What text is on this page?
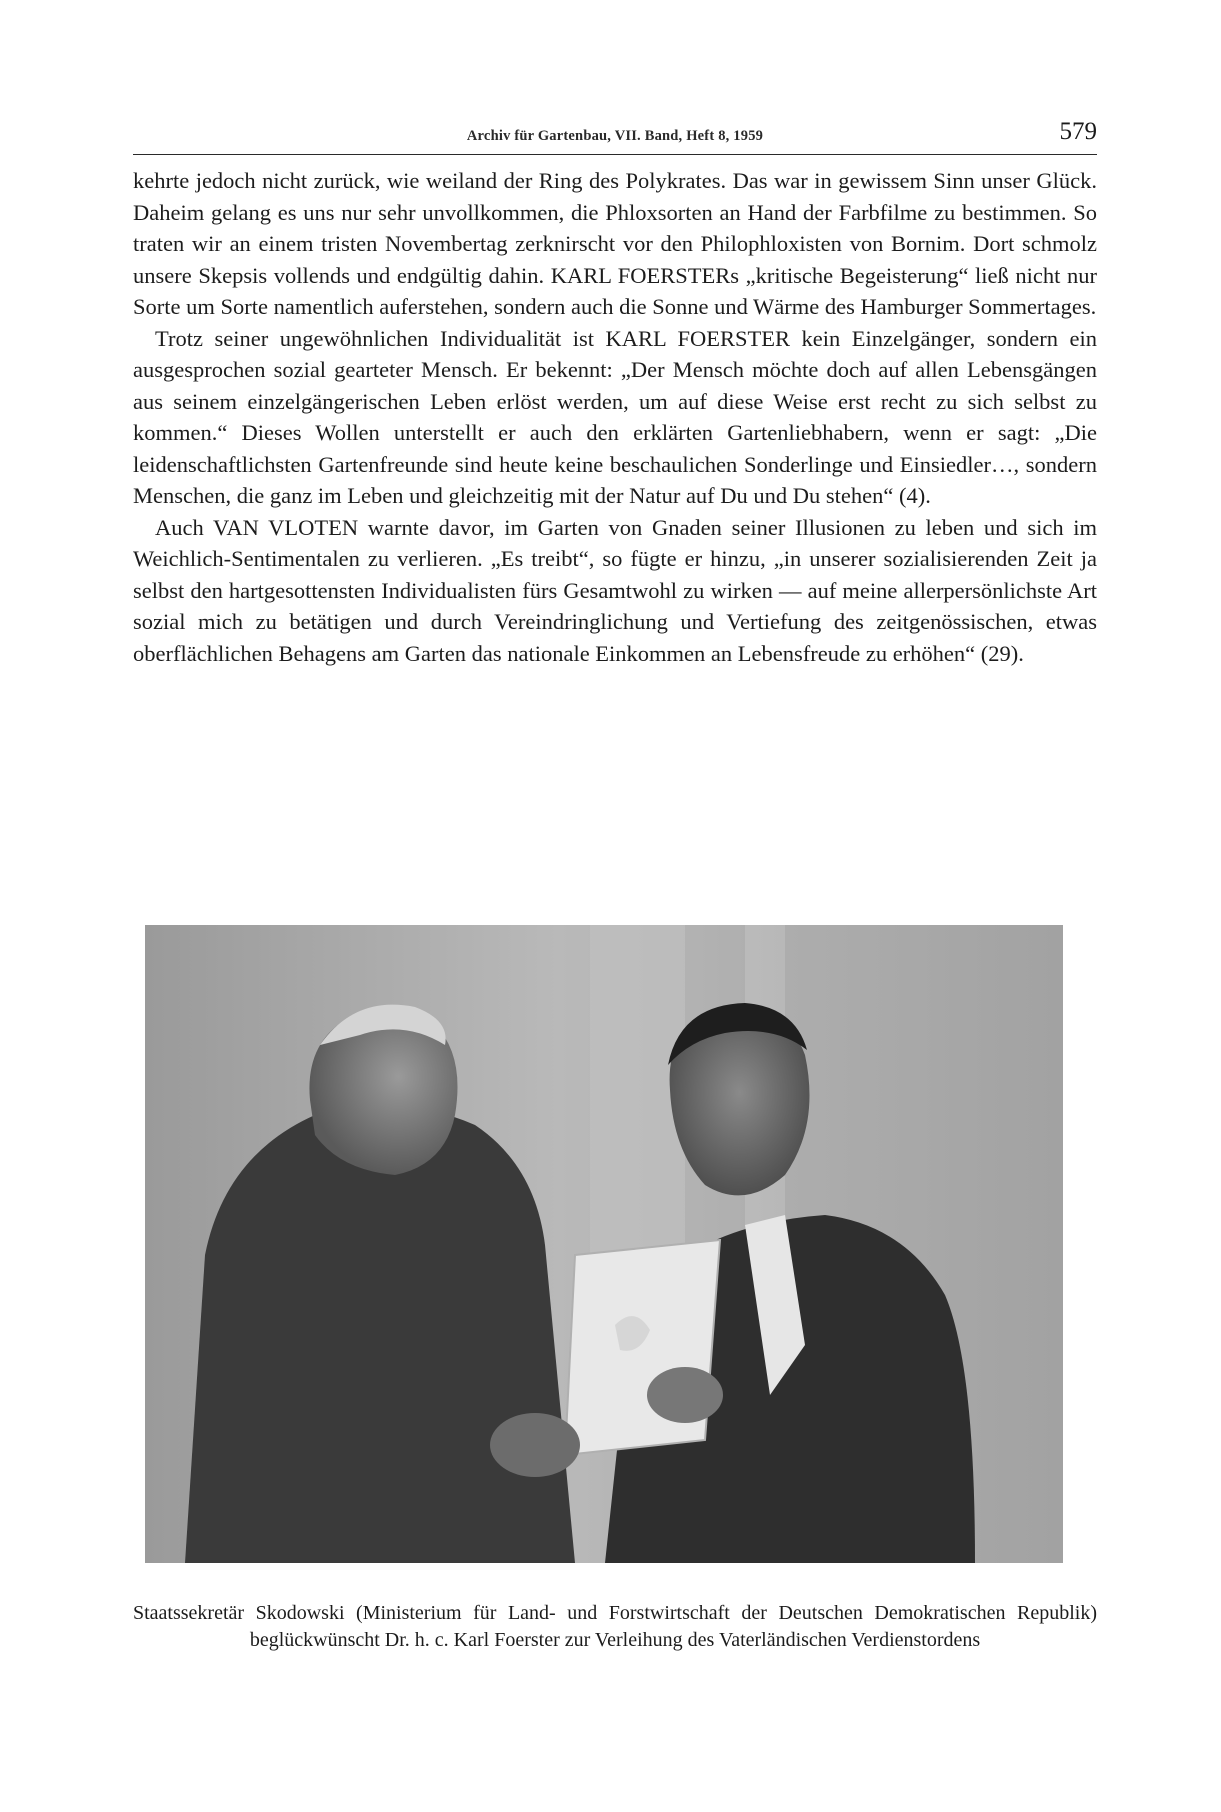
Archiv für Gartenbau, VII. Band, Heft 8, 1959	579

kehrte jedoch nicht zurück, wie weiland der Ring des Polykrates. Das war in gewissem Sinn unser Glück. Daheim gelang es uns nur sehr unvollkommen, die Phloxsorten an Hand der Farbfilme zu bestimmen. So traten wir an einem tristen Novembertag zerknirscht vor den Philophloxisten von Bornim. Dort schmolz unsere Skepsis vollends und endgültig dahin. KARL FOERSTERs „kritische Begeisterung“ ließ nicht nur Sorte um Sorte namentlich auferstehen, sondern auch die Sonne und Wärme des Hamburger Sommertages.

Trotz seiner ungewöhnlichen Individualität ist KARL FOERSTER kein Einzelgänger, sondern ein ausgesprochen sozial gearteter Mensch. Er bekennt: „Der Mensch möchte doch auf allen Lebensgängen aus seinem einzelgängerischen Leben erlöst werden, um auf diese Weise erst recht zu sich selbst zu kommen.“ Dieses Wollen unterstellt er auch den erklärten Gartenliebhabern, wenn er sagt: „Die leidenschaftlichsten Gartenfreunde sind heute keine beschaulichen Sonderlinge und Einsiedler…, sondern Menschen, die ganz im Leben und gleichzeitig mit der Natur auf Du und Du stehen“ (4).

Auch VAN VLOTEN warnte davor, im Garten von Gnaden seiner Illusionen zu leben und sich im Weichlich-Sentimentalen zu verlieren. „Es treibt“, so fügte er hinzu, „in unserer sozialisierenden Zeit ja selbst den hartgesottensten Individualisten fürs Gesamtwohl zu wirken — auf meine allerpersönlichste Art sozial mich zu betätigen und durch Vereindringlichung und Vertiefung des zeitgenössischen, etwas oberflächlichen Behagens am Garten das nationale Einkommen an Lebensfreude zu erhöhen“ (29).

Staatssekretär Skodowski (Ministerium für Land- und Forstwirtschaft der Deutschen Demokratischen Republik) beglückwünscht Dr. h. c. Karl Foerster zur Verleihung des Vaterländischen Verdienstordens
